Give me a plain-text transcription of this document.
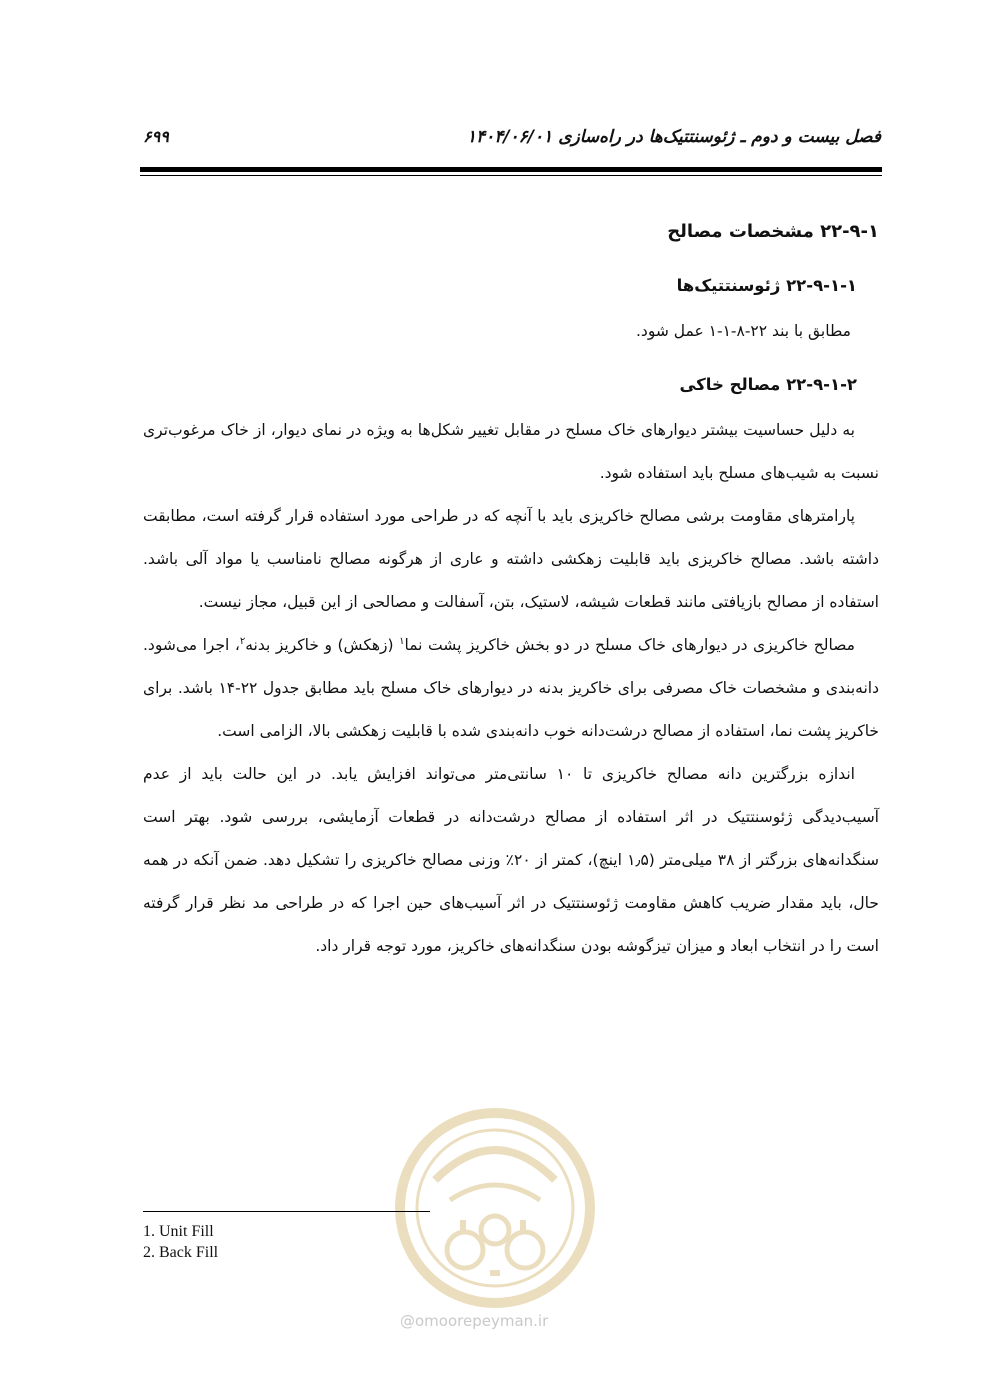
فصل بیست و دوم ـ ژئوسنتتیک‌ها در راه‌سازی ۱۴۰۴/۰۶/۰۱
۶۹۹
۲۲-۹-۱ مشخصات مصالح
۲۲-۹-۱-۱ ژئوسنتتیک‌ها

مطابق با بند ۲۲-۸-۱-۱ عمل شود.

۲۲-۹-۱-۲ مصالح خاکی

به دلیل حساسیت بیشتر دیوارهای خاک مسلح در مقابل تغییر شکل‌ها به ویژه در نمای دیوار، از خاک مرغوب‌تری نسبت به شیب‌های مسلح باید استفاده شود.

پارامترهای مقاومت برشی مصالح خاکریزی باید با آنچه که در طراحی مورد استفاده قرار گرفته است، مطابقت داشته باشد. مصالح خاکریزی باید قابلیت زهکشی داشته و عاری از هرگونه مصالح نامناسب یا مواد آلی باشد. استفاده از مصالح بازیافتی مانند قطعات شیشه، لاستیک، بتن، آسفالت و مصالحی از این قبیل، مجاز نیست.

مصالح خاکریزی در دیوارهای خاک مسلح در دو بخش خاکریز پشت نما$^۱$ (زهکش) و خاکریز بدنه$^۲$، اجرا می‌شود. دانه‌بندی و مشخصات خاک مصرفی برای خاکریز بدنه در دیوارهای خاک مسلح باید مطابق جدول ۲۲-۱۴ باشد. برای خاکریز پشت نما، استفاده از مصالح درشت‌دانه خوب دانه‌بندی شده با قابلیت زهکشی بالا، الزامی است.

اندازه بزرگترین دانه مصالح خاکریزی تا ۱۰ سانتی‌متر می‌تواند افزایش یابد. در این حالت باید از عدم آسیب‌دیدگی ژئوسنتتیک در اثر استفاده از مصالح درشت‌دانه در قطعات آزمایشی، بررسی شود. بهتر است سنگدانه‌های بزرگتر از ۳۸ میلی‌متر (۱٫۵ اینچ)، کمتر از ۲۰٪ وزنی مصالح خاکریزی را تشکیل دهد. ضمن آنکه در همه حال، باید مقدار ضریب کاهش مقاومت ژئوسنتتیک در اثر آسیب‌های حین اجرا که در طراحی مد نظر قرار گرفته است را در انتخاب ابعاد و میزان تیزگوشه بودن سنگدانه‌های خاکریز، مورد توجه قرار داد.

@omoorepeyman.ir
1. Unit Fill
2. Back Fill
